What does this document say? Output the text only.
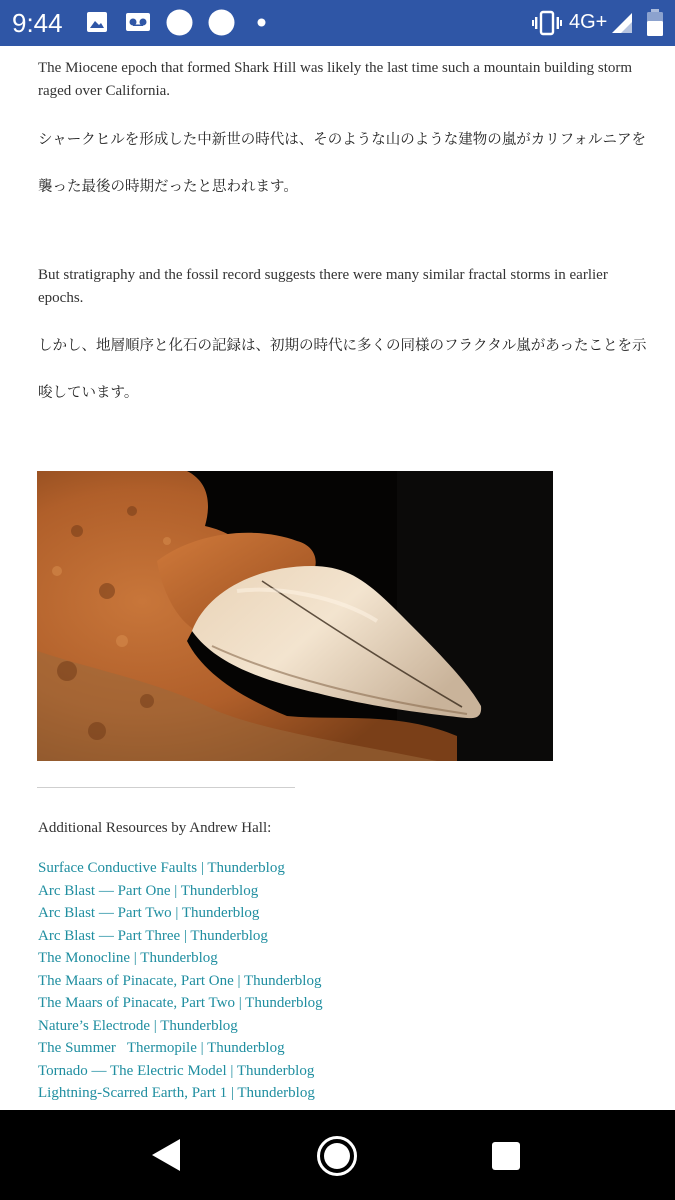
9:44	4G+

The Miocene epoch that formed Shark Hill was likely the last time such a mountain building storm raged over California.

シャークヒルを形成した中新世の時代は、そのような山のような建物の嵐がカリフォルニアを襲った最後の時期だったと思われます。

But stratigraphy and the fossil record suggests there were many similar fractal storms in earlier epochs.

しかし、地層順序と化石の記録は、初期の時代に多くの同様のフラクタル嵐があったことを示唆しています。

Additional Resources by Andrew Hall:
Surface Conductive Faults | Thunderblog
Arc Blast — Part One | Thunderblog
Arc Blast — Part Two | Thunderblog
Arc Blast — Part Three | Thunderblog
The Monocline | Thunderblog
The Maars of Pinacate, Part One | Thunderblog
The Maars of Pinacate, Part Two | Thunderblog
Nature’s Electrode | Thunderblog
The Summer   Thermopile | Thunderblog
Tornado — The Electric Model | Thunderblog
Lightning-Scarred Earth, Part 1 | Thunderblog
